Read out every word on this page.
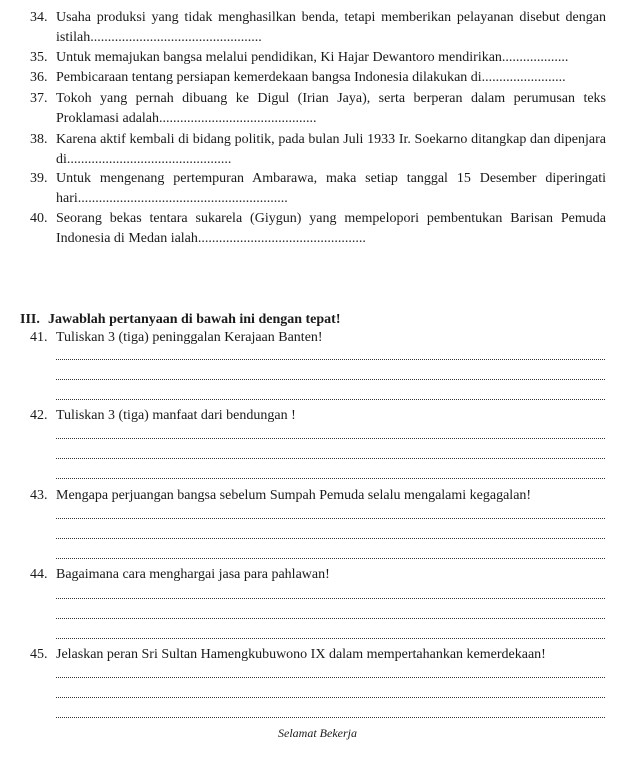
34. Usaha produksi yang tidak menghasilkan benda, tetapi memberikan pelayanan disebut dengan istilah.................................................
35. Untuk memajukan bangsa melalui pendidikan, Ki Hajar Dewantoro mendirikan...................
36. Pembicaraan tentang persiapan kemerdekaan bangsa Indonesia dilakukan di........................
37. Tokoh yang pernah dibuang ke Digul (Irian Jaya), serta berperan dalam perumusan teks Proklamasi adalah.............................................
38. Karena aktif kembali di bidang politik, pada bulan Juli 1933 Ir. Soekarno ditangkap dan dipenjara di...............................................
39. Untuk mengenang pertempuran Ambarawa, maka setiap tanggal 15 Desember diperingati hari............................................................
40. Seorang bekas tentara sukarela (Giygun) yang mempelopori pembentukan Barisan Pemuda Indonesia di Medan ialah................................................
III. Jawablah pertanyaan di bawah ini dengan tepat!
41. Tuliskan 3 (tiga) peninggalan Kerajaan Banten!
42. Tuliskan 3 (tiga) manfaat dari bendungan !
43. Mengapa perjuangan bangsa sebelum Sumpah Pemuda selalu mengalami kegagalan!
44. Bagaimana cara menghargai jasa para pahlawan!
45. Jelaskan peran Sri Sultan Hamengkubuwono IX dalam mempertahankan kemerdekaan!
Selamat Bekerja
